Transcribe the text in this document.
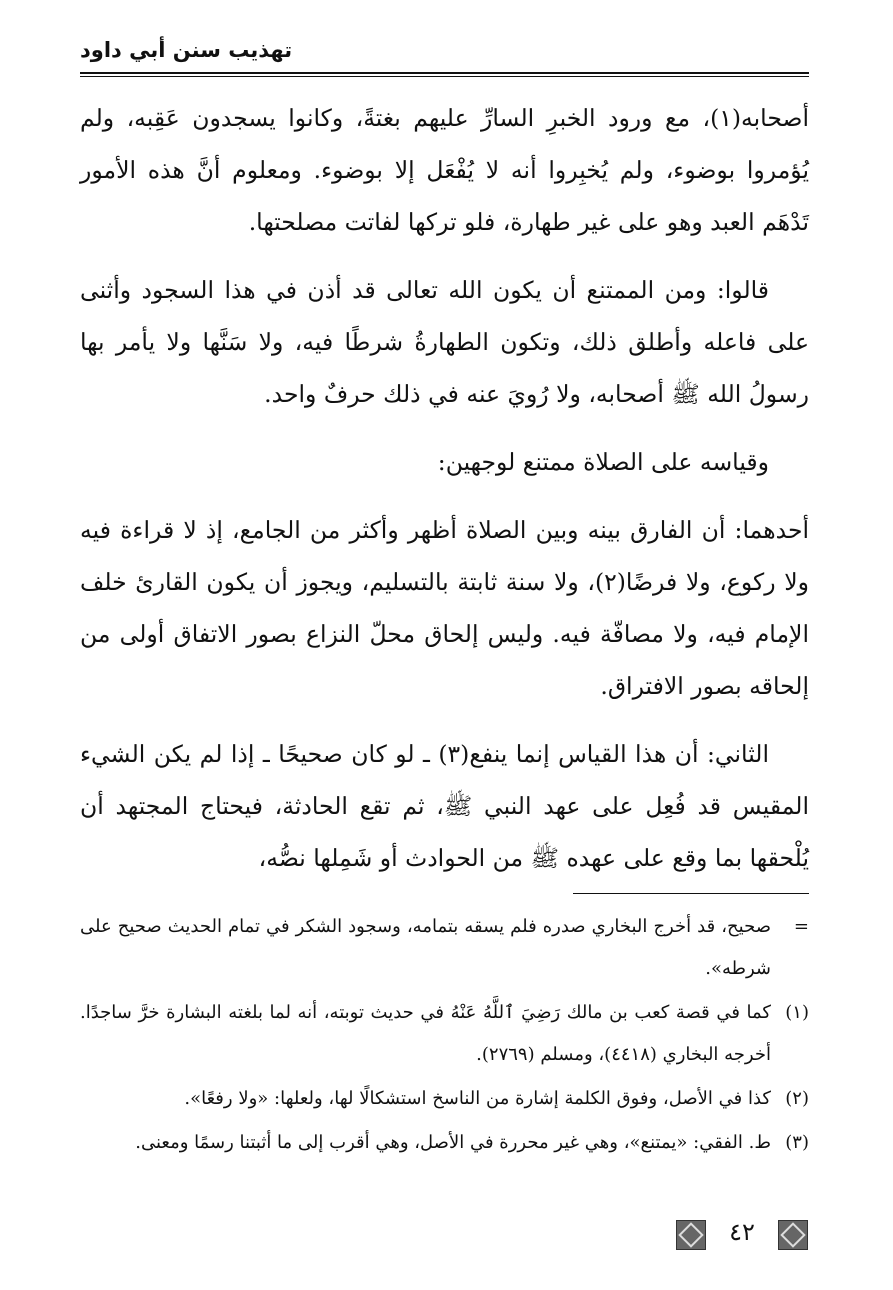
تهذيب سنن أبي داود

أصحابه(١)، مع ورود الخبرِ السارِّ عليهم بغتةً، وكانوا يسجدون عَقِبه، ولم يُؤمروا بوضوء، ولم يُخبِروا أنه لا يُفْعَل إلا بوضوء. ومعلوم أنَّ هذه الأمور تَدْهَم العبد وهو على غير طهارة، فلو تركها لفاتت مصلحتها.

قالوا: ومن الممتنع أن يكون الله تعالى قد أذن في هذا السجود وأثنى على فاعله وأطلق ذلك، وتكون الطهارةُ شرطًا فيه، ولا سَنَّها ولا يأمر بها رسولُ الله ﷺ أصحابه، ولا رُويَ عنه في ذلك حرفٌ واحد.

وقياسه على الصلاة ممتنع لوجهين:

أحدهما: أن الفارق بينه وبين الصلاة أظهر وأكثر من الجامع، إذ لا قراءة فيه ولا ركوع، ولا فرضًا(٢)، ولا سنة ثابتة بالتسليم، ويجوز أن يكون القارئ خلف الإمام فيه، ولا مصافّة فيه. وليس إلحاق محلّ النزاع بصور الاتفاق أولى من إلحاقه بصور الافتراق.

الثاني: أن هذا القياس إنما ينفع(٣) ـ لو كان صحيحًا ـ إذا لم يكن الشيء المقيس قد فُعِل على عهد النبي ﷺ، ثم تقع الحادثة، فيحتاج المجتهد أن يُلْحقها بما وقع على عهده ﷺ من الحوادث أو شَمِلها نصُّه،

=
صحيح، قد أخرج البخاري صدره فلم يسقه بتمامه، وسجود الشكر في تمام الحديث صحيح على شرطه».
(١)
كما في قصة كعب بن مالك رَضِيَ ٱللَّهُ عَنْهُ في حديث توبته، أنه لما بلغته البشارة خرَّ ساجدًا. أخرجه البخاري (٤٤١٨)، ومسلم (٢٧٦٩).
(٢)
كذا في الأصل، وفوق الكلمة إشارة من الناسخ استشكالًا لها، ولعلها: «ولا رفعًا».
(٣)
ط. الفقي: «يمتنع»، وهي غير محررة في الأصل، وهي أقرب إلى ما أثبتنا رسمًا ومعنى.
٤٢
